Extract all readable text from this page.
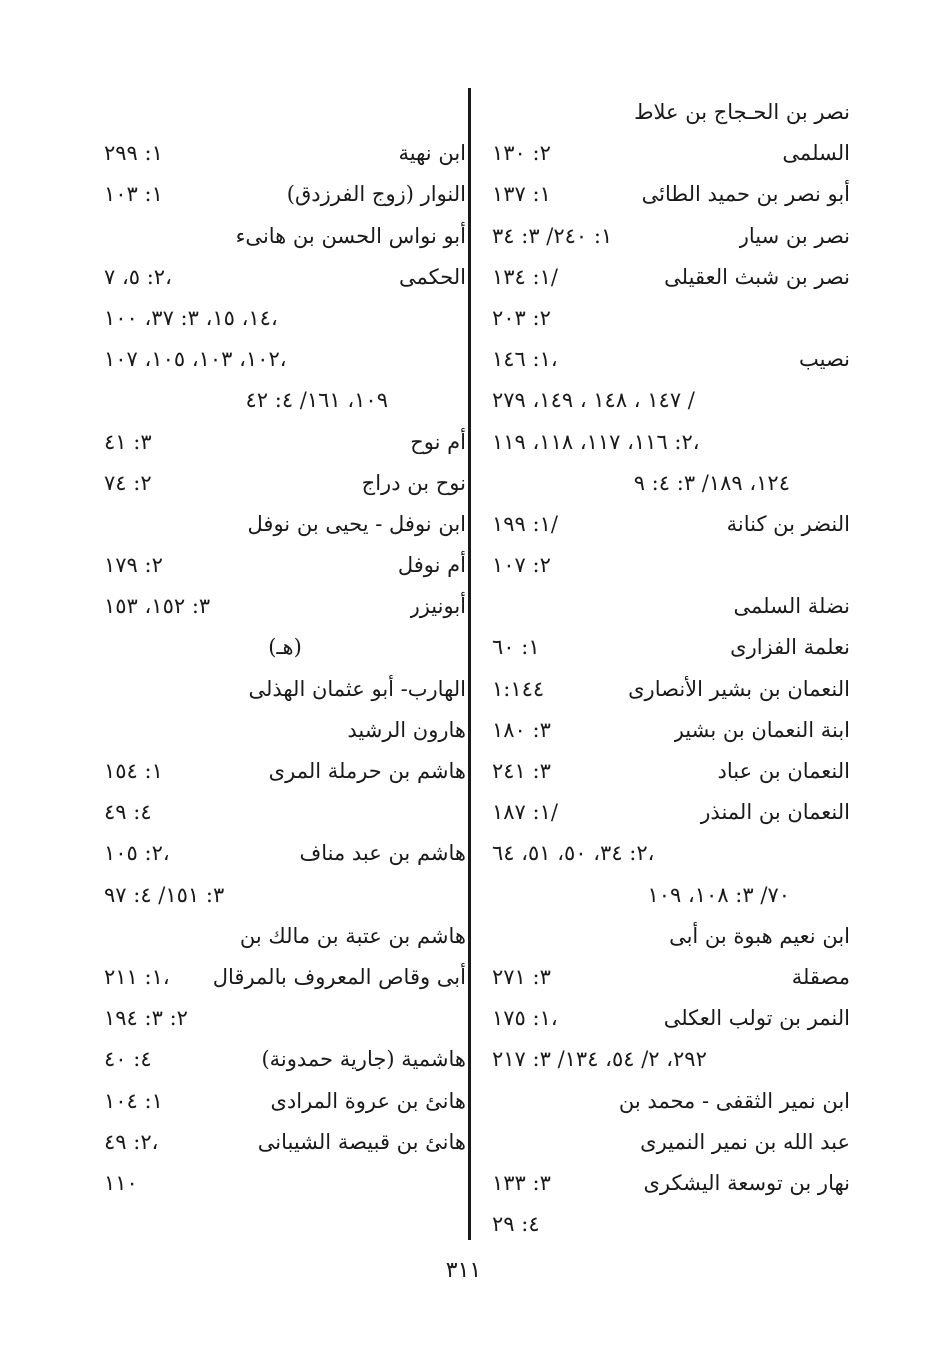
نصر بن الحـجاج بن علاط
السلمى
٢: ١٣٠
أبو نصر بن حميد الطائى
١: ١٣٧
نصر بن سيار
١: ٢٤٠/ ٣: ٣٤
نصر بن شبث العقيلى
١: ١٣٤/
٢: ٢٠٣
نصيب
١: ١٤٦،
١٤٧ ، ١٤٨ ، ١٤٩، ٢٧٩ /
٢: ١١٦، ١١٧، ١١٨، ١١٩،
١٢٤، ١٨٩/ ٣: ٤: ٩
النضر بن كنانة
١: ١٩٩/
٢: ١٠٧
نضلة السلمى
نعلمة الفزارى
١: ٦٠
النعمان بن بشير الأنصارى
١:١٤٤
ابنة النعمان بن بشير
٣: ١٨٠
النعمان بن عباد
٣: ٢٤١
النعمان بن المنذر
١: ١٨٧/
٢: ٣٤، ٥٠، ٥١، ٦٤،
٧٠/ ٣: ١٠٨، ١٠٩
ابن نعيم هبوة بن أبى
مصقلة
٣: ٢٧١
النمر بن تولب العكلى
١: ١٧٥،
٢٩٢، ٢/ ٥٤، ١٣٤/ ٣: ٢١٧
ابن نمير الثقفى - محمد بن
عبد الله بن نمير النميرى
نهار بن توسعة اليشكرى
٣: ١٣٣
٤: ٢٩
ابن نهية
١: ٢٩٩
النوار (زوج الفرزدق)
١: ١٠٣
أبو نواس الحسن بن هانىء
الحكمى
٢: ٥، ٧،
١٤، ١٥، ٣: ٣٧، ١٠٠،
١٠٢، ١٠٣، ١٠٥، ١٠٧،
١٠٩، ١٦١/ ٤: ٤٢
أم نوح
٣: ٤١
نوح بن دراج
٢: ٧٤
ابن نوفل - يحيى بن نوفل
أم نوفل
٢: ١٧٩
أبونيزر
٣: ١٥٢، ١٥٣
(هـ)
الهارب- أبو عثمان الهذلى
هارون الرشيد
هاشم بن حرملة المرى
١: ١٥٤
٤: ٤٩
هاشم بن عبد مناف
٢: ١٠٥،
٣: ١٥١/ ٤: ٩٧
هاشم بن عتبة بن مالك بن
أبى وقاص المعروف بالمرقال
١: ٢١١،
٢: ٣: ١٩٤
هاشمية (جارية حمدونة)
٤: ٤٠
هانئ بن عروة المرادى
١: ١٠٤
هانئ بن قبيصة الشيبانى
٢: ٤٩،
١١٠
٣١١
